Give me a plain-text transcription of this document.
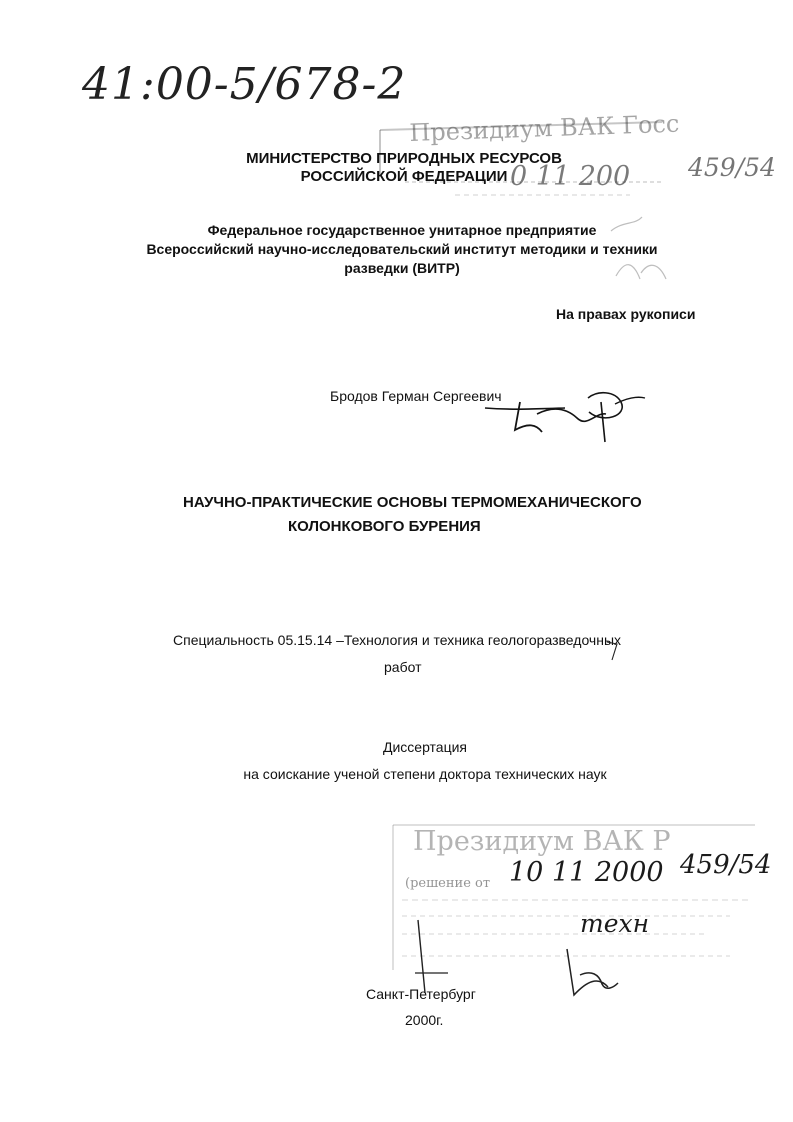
41:00-5/678-2
Президиум ВАК Госс
0 11 200 459/54
МИНИСТЕРСТВО ПРИРОДНЫХ РЕСУРСОВ
РОССИЙСКОЙ ФЕДЕРАЦИИ
Федеральное государственное унитарное предприятие
Всероссийский научно-исследовательский институт методики и техники
разведки (ВИТР)
На правах рукописи
Бродов Герман Сергеевич
НАУЧНО-ПРАКТИЧЕСКИЕ ОСНОВЫ ТЕРМОМЕХАНИЧЕСКОГО
КОЛОНКОВОГО БУРЕНИЯ
Специальность 05.15.14 –Технология и техника геологоразведочных
работ
Диссертация
на соискание ученой степени доктора технических наук
Президиум ВАК Р
(решение от 10 11 2000 459/54
техн
Санкт-Петербург
2000г.
